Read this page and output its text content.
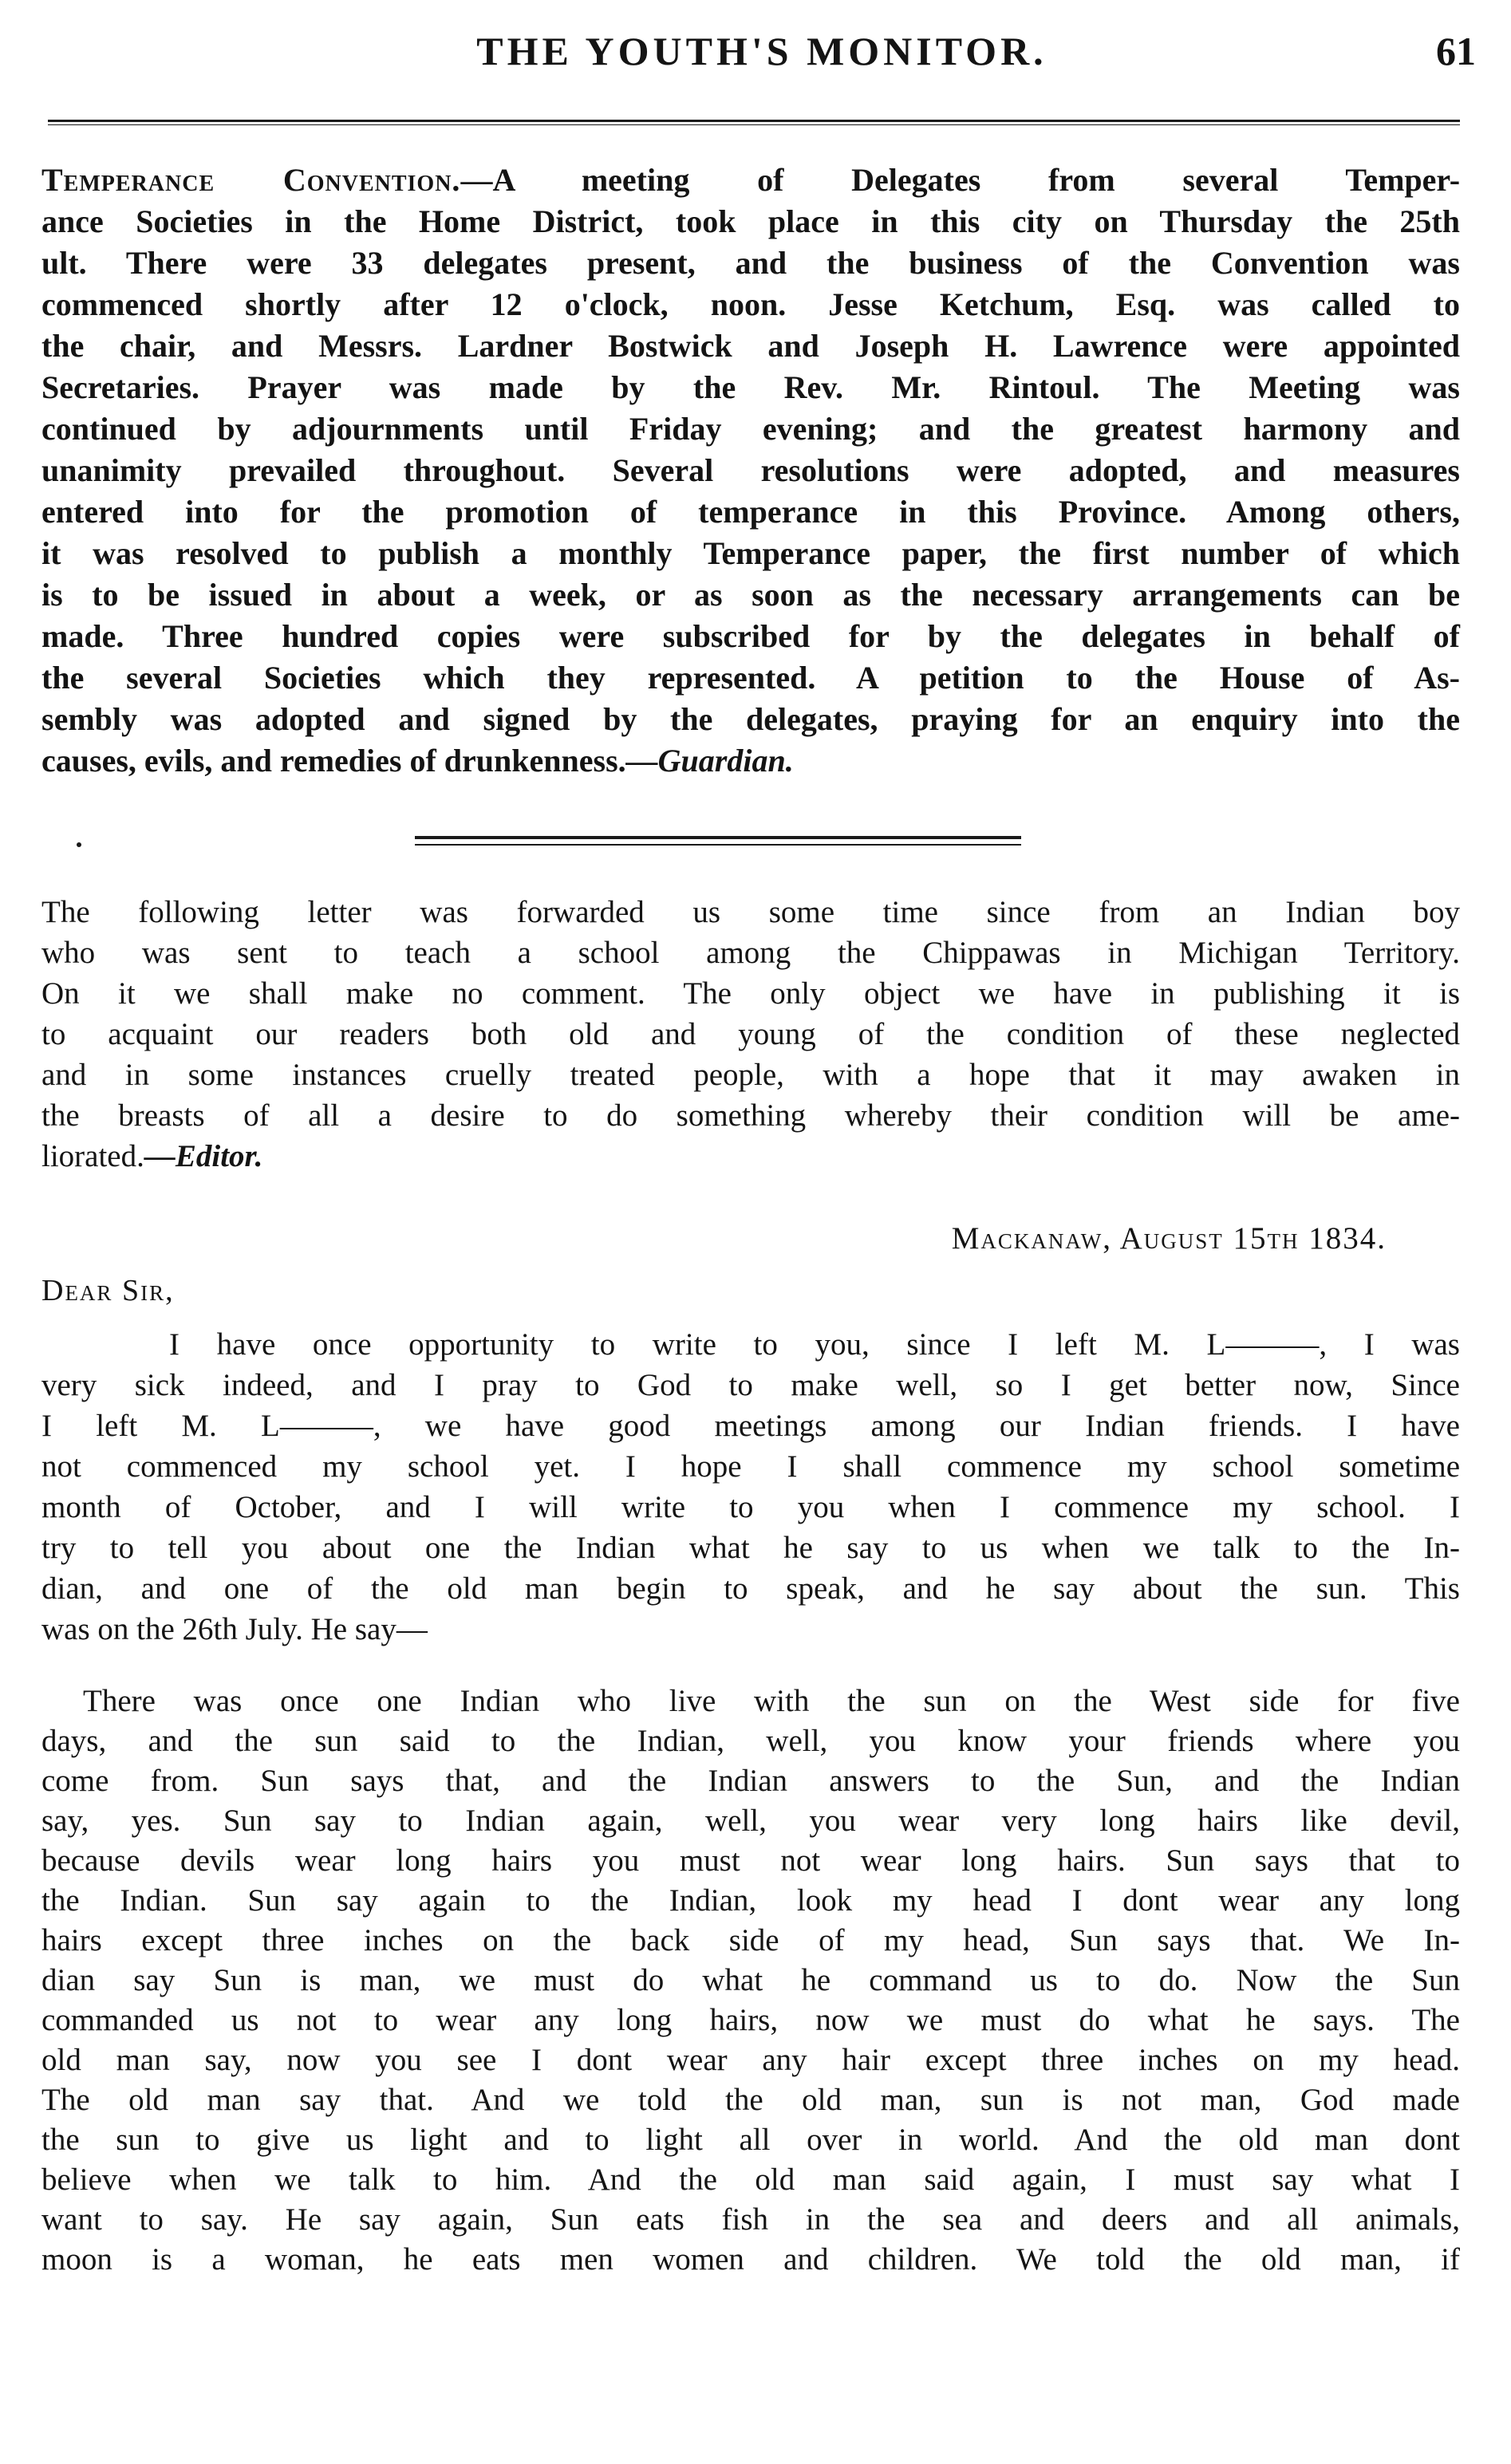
THE YOUTH'S MONITOR.	61
Temperance Convention.—A meeting of Delegates from several Temper-
ance Societies in the Home District, took place in this city on Thursday the 25th
ult. There were 33 delegates present, and the business of the Convention was
commenced shortly after 12 o'clock, noon. Jesse Ketchum, Esq. was called to
the chair, and Messrs. Lardner Bostwick and Joseph H. Lawrence were appointed
Secretaries. Prayer was made by the Rev. Mr. Rintoul. The Meeting was
continued by adjournments until Friday evening; and the greatest harmony and
unanimity prevailed throughout. Several resolutions were adopted, and measures
entered into for the promotion of temperance in this Province. Among others,
it was resolved to publish a monthly Temperance paper, the first number of which
is to be issued in about a week, or as soon as the necessary arrangements can be
made. Three hundred copies were subscribed for by the delegates in behalf of
the several Societies which they represented. A petition to the House of As-
sembly was adopted and signed by the delegates, praying for an enquiry into the
causes, evils, and remedies of drunkenness.—Guardian.
The following letter was forwarded us some time since from an Indian boy
who was sent to teach a school among the Chippawas in Michigan Territory.
On it we shall make no comment. The only object we have in publishing it is
to acquaint our readers both old and young of the condition of these neglected
and in some instances cruelly treated people, with a hope that it may awaken in
the breasts of all a desire to do something whereby their condition will be ame-
liorated.—Editor.

Mackanaw, August 15th 1834.

Dear Sir,

I have once opportunity to write to you, since I left M. L———, I was
very sick indeed, and I pray to God to make well, so I get better now, Since
I left M. L———, we have good meetings among our Indian friends. I have
not commenced my school yet. I hope I shall commence my school sometime
month of October, and I will write to you when I commence my school. I
try to tell you about one the Indian what he say to us when we talk to the In-
dian, and one of the old man begin to speak, and he say about the sun. This
was on the 26th July. He say—
There was once one Indian who live with the sun on the West side for five
days, and the sun said to the Indian, well, you know your friends where you
come from. Sun says that, and the Indian answers to the Sun, and the Indian
say, yes. Sun say to Indian again, well, you wear very long hairs like devil,
because devils wear long hairs you must not wear long hairs. Sun says that to
the Indian. Sun say again to the Indian, look my head I dont wear any long
hairs except three inches on the back side of my head, Sun says that. We In-
dian say Sun is man, we must do what he command us to do. Now the Sun
commanded us not to wear any long hairs, now we must do what he says. The
old man say, now you see I dont wear any hair except three inches on my head.
The old man say that. And we told the old man, sun is not man, God made
the sun to give us light and to light all over in world. And the old man dont
believe when we talk to him. And the old man said again, I must say what I
want to say. He say again, Sun eats fish in the sea and deers and all animals,
moon is a woman, he eats men women and children. We told the old man, if
